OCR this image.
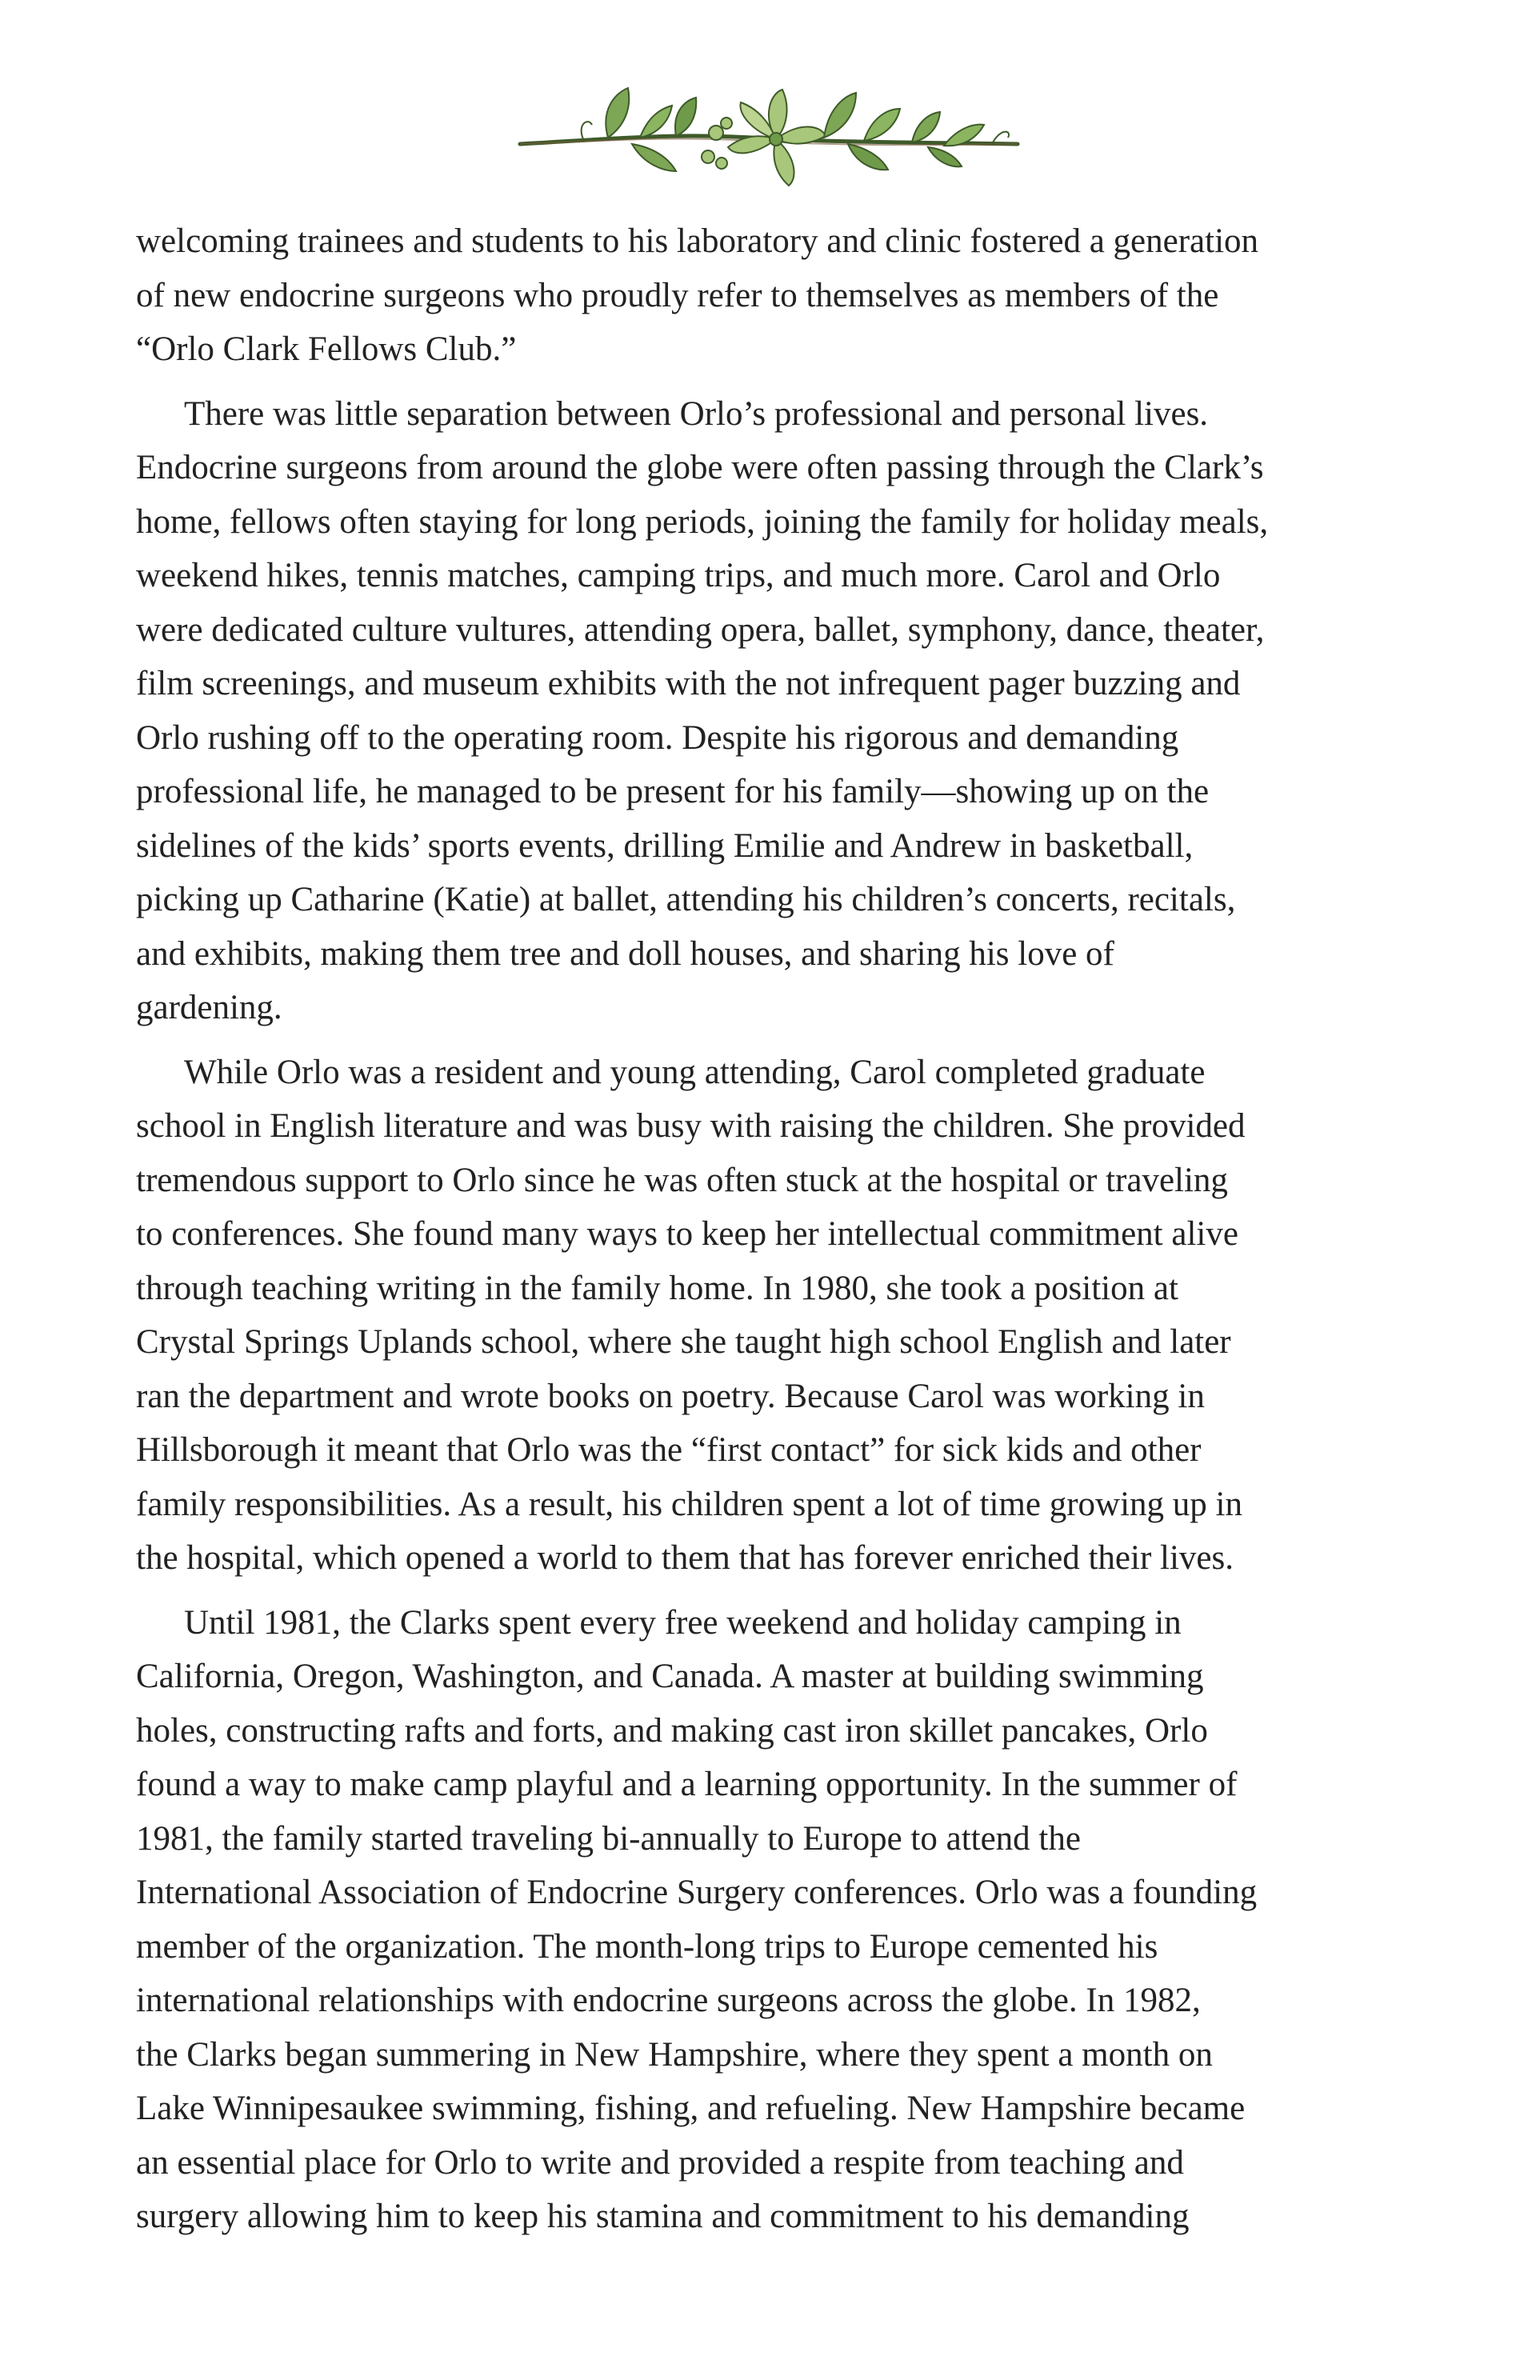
welcoming trainees and students to his laboratory and clinic fostered a generation
of new endocrine surgeons who proudly refer to themselves as members of the
“Orlo Clark Fellows Club.”

There was little separation between Orlo’s professional and personal lives.
Endocrine surgeons from around the globe were often passing through the Clark’s
home, fellows often staying for long periods, joining the family for holiday meals,
weekend hikes, tennis matches, camping trips, and much more. Carol and Orlo
were dedicated culture vultures, attending opera, ballet, symphony, dance, theater,
film screenings, and museum exhibits with the not infrequent pager buzzing and
Orlo rushing off to the operating room. Despite his rigorous and demanding
professional life, he managed to be present for his family—showing up on the
sidelines of the kids’ sports events, drilling Emilie and Andrew in basketball,
picking up Catharine (Katie) at ballet, attending his children’s concerts, recitals,
and exhibits, making them tree and doll houses, and sharing his love of
gardening.

While Orlo was a resident and young attending, Carol completed graduate
school in English literature and was busy with raising the children. She provided
tremendous support to Orlo since he was often stuck at the hospital or traveling
to conferences. She found many ways to keep her intellectual commitment alive
through teaching writing in the family home. In 1980, she took a position at
Crystal Springs Uplands school, where she taught high school English and later
ran the department and wrote books on poetry. Because Carol was working in
Hillsborough it meant that Orlo was the “first contact” for sick kids and other
family responsibilities. As a result, his children spent a lot of time growing up in
the hospital, which opened a world to them that has forever enriched their lives.

Until 1981, the Clarks spent every free weekend and holiday camping in
California, Oregon, Washington, and Canada. A master at building swimming
holes, constructing rafts and forts, and making cast iron skillet pancakes, Orlo
found a way to make camp playful and a learning opportunity. In the summer of
1981, the family started traveling bi-annually to Europe to attend the
International Association of Endocrine Surgery conferences. Orlo was a founding
member of the organization. The month-long trips to Europe cemented his
international relationships with endocrine surgeons across the globe. In 1982,
the Clarks began summering in New Hampshire, where they spent a month on
Lake Winnipesaukee swimming, fishing, and refueling. New Hampshire became
an essential place for Orlo to write and provided a respite from teaching and
surgery allowing him to keep his stamina and commitment to his demanding
